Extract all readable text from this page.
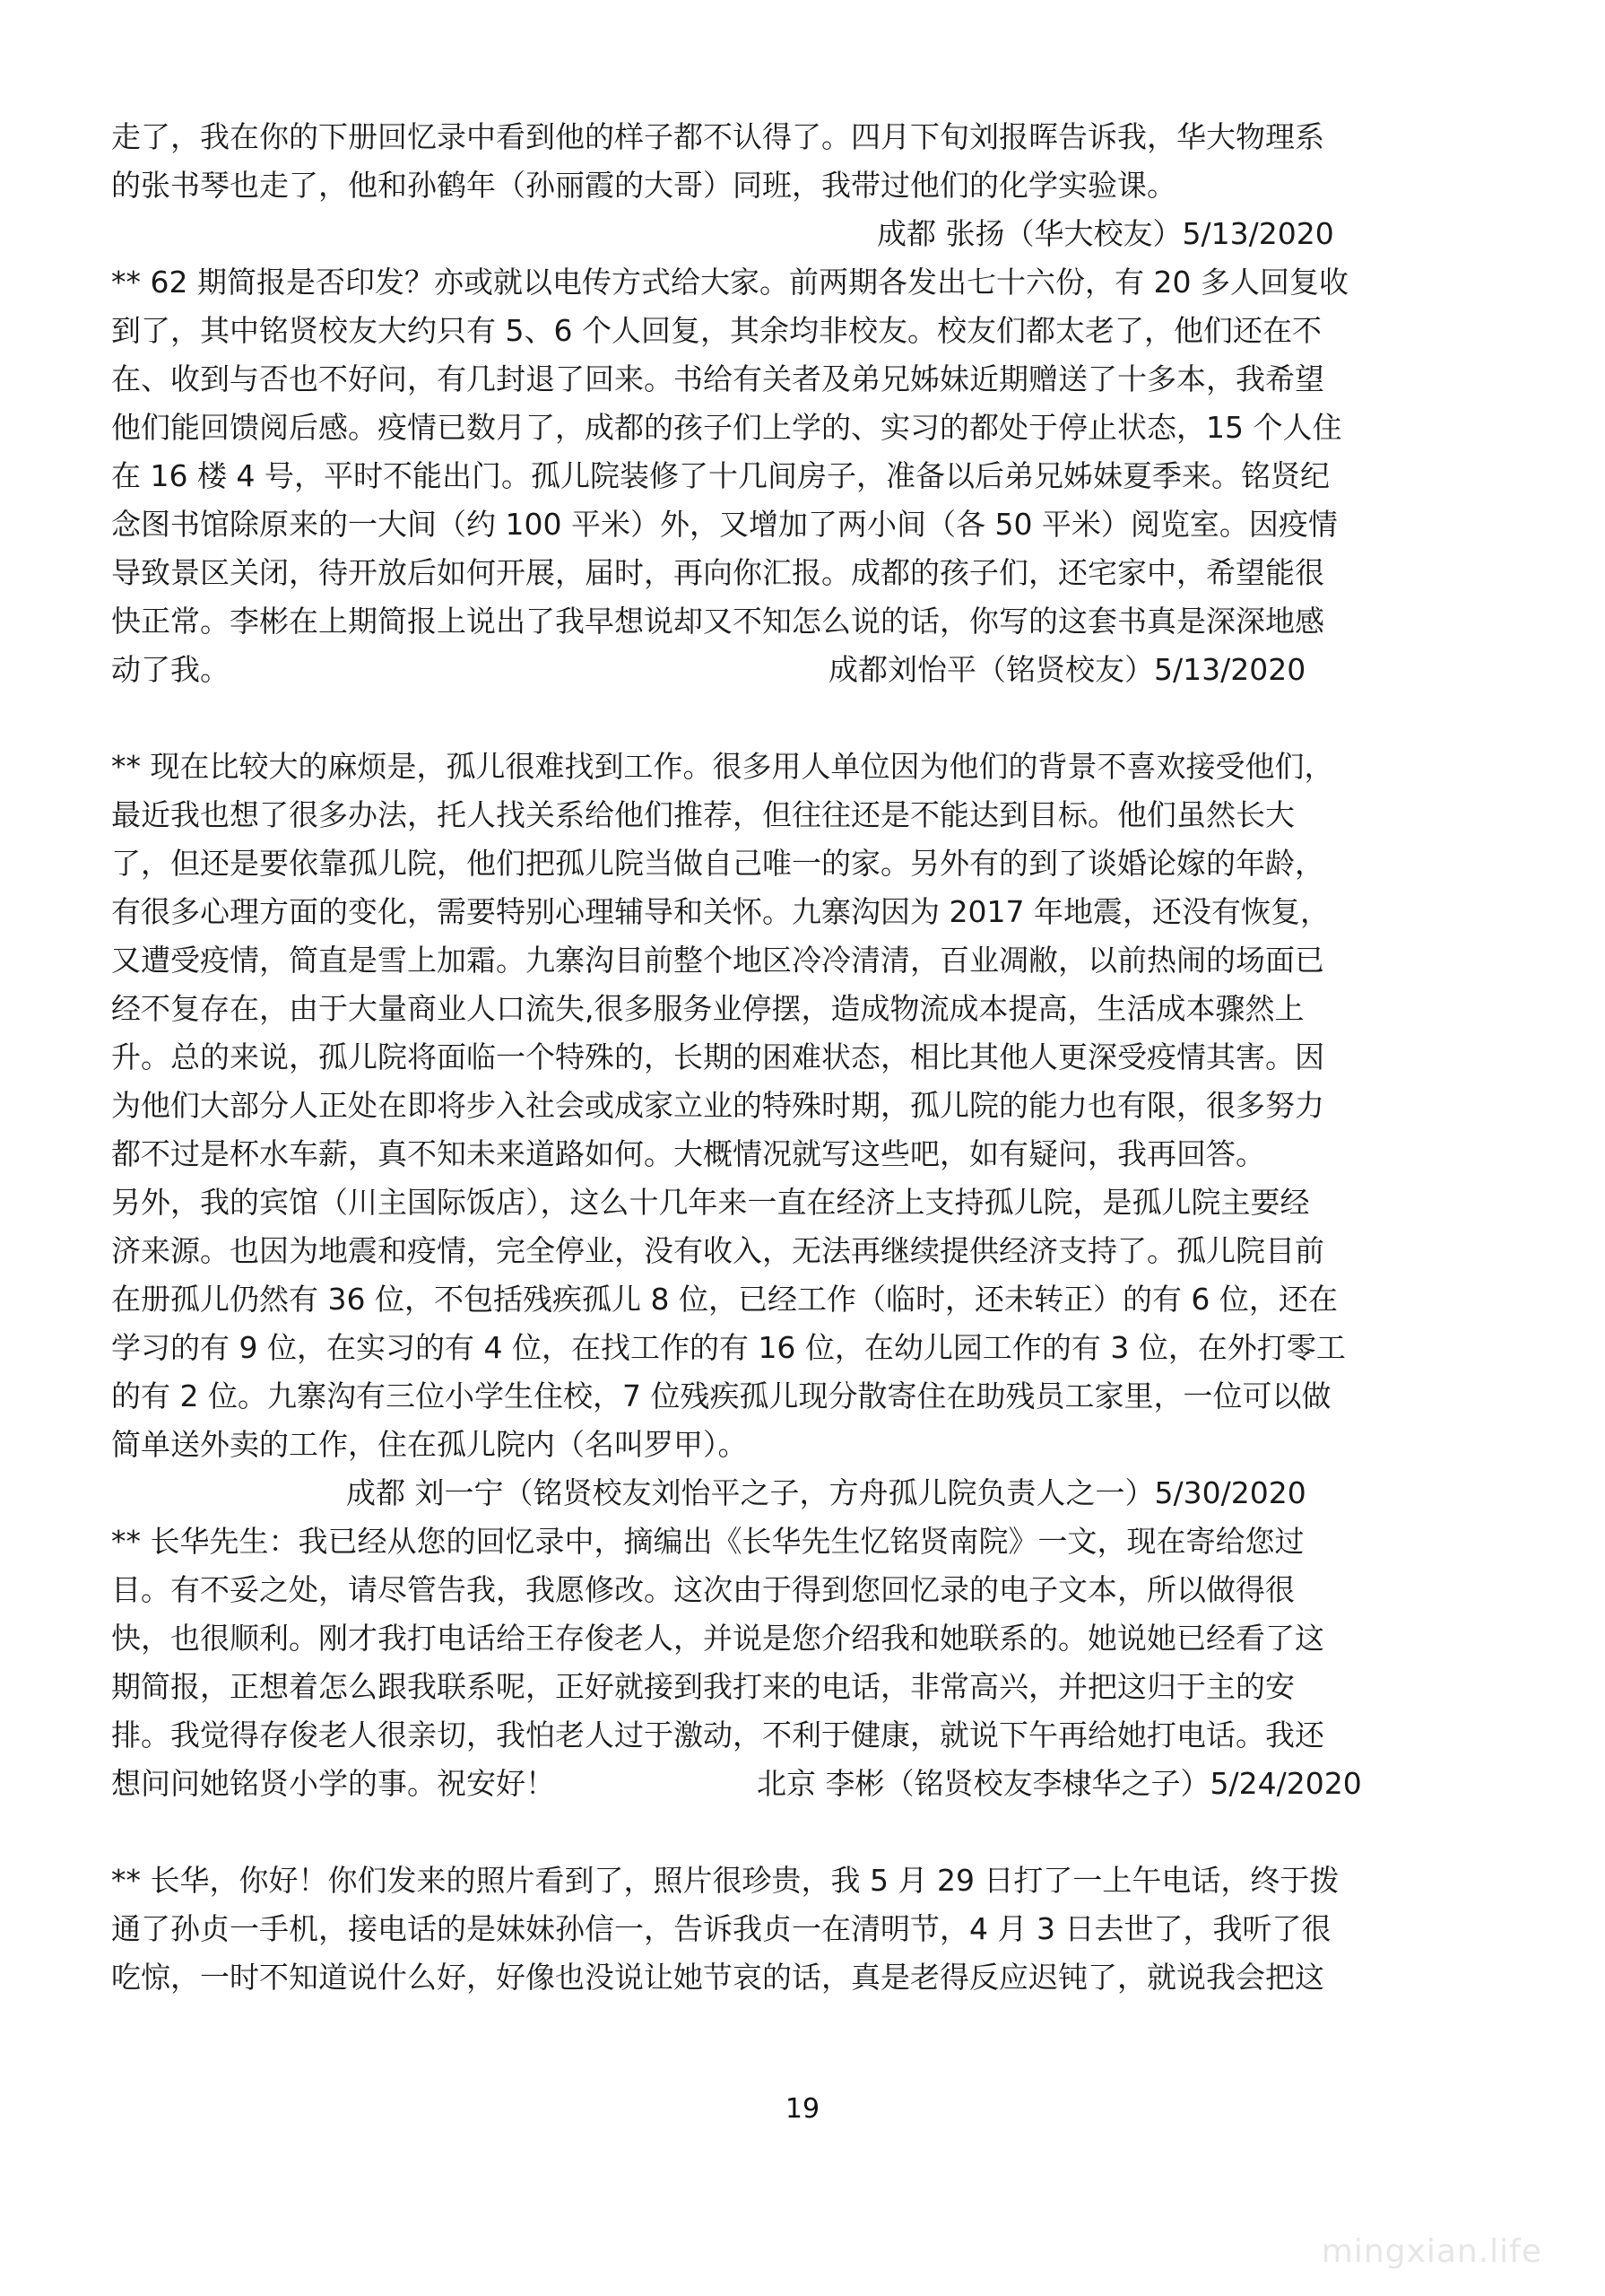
走了，我在你的下册回忆录中看到他的样子都不认得了。四月下旬刘报晖告诉我，华大物理系
的张书琴也走了，他和孙鹤年（孙丽霞的大哥）同班，我带过他们的化学实验课。
成都 张扬（华大校友）5/13/2020
** 62 期简报是否印发？亦或就以电传方式给大家。前两期各发出七十六份，有 20 多人回复收
到了，其中铭贤校友大约只有 5、6 个人回复，其余均非校友。校友们都太老了，他们还在不
在、收到与否也不好问，有几封退了回来。书给有关者及弟兄姊妹近期赠送了十多本，我希望
他们能回馈阅后感。疫情已数月了，成都的孩子们上学的、实习的都处于停止状态，15 个人住
在 16 楼 4 号，平时不能出门。孤儿院装修了十几间房子，准备以后弟兄姊妹夏季来。铭贤纪
念图书馆除原来的一大间（约 100 平米）外，又增加了两小间（各 50 平米）阅览室。因疫情
导致景区关闭，待开放后如何开展，届时，再向你汇报。成都的孩子们，还宅家中，希望能很
快正常。李彬在上期简报上说出了我早想说却又不知怎么说的话，你写的这套书真是深深地感
动了我。	成都刘怡平（铭贤校友）5/13/2020
** 现在比较大的麻烦是，孤儿很难找到工作。很多用人单位因为他们的背景不喜欢接受他们，
最近我也想了很多办法，托人找关系给他们推荐，但往往还是不能达到目标。他们虽然长大
了，但还是要依靠孤儿院，他们把孤儿院当做自己唯一的家。另外有的到了谈婚论嫁的年龄，
有很多心理方面的变化，需要特别心理辅导和关怀。九寨沟因为 2017 年地震，还没有恢复，
又遭受疫情，简直是雪上加霜。九寨沟目前整个地区冷冷清清，百业凋敝，以前热闹的场面已
经不复存在，由于大量商业人口流失,很多服务业停摆，造成物流成本提高，生活成本骤然上
升。总的来说，孤儿院将面临一个特殊的，长期的困难状态，相比其他人更深受疫情其害。因
为他们大部分人正处在即将步入社会或成家立业的特殊时期，孤儿院的能力也有限，很多努力
都不过是杯水车薪，真不知未来道路如何。大概情况就写这些吧，如有疑问，我再回答。
另外，我的宾馆（川主国际饭店），这么十几年来一直在经济上支持孤儿院，是孤儿院主要经
济来源。也因为地震和疫情，完全停业，没有收入，无法再继续提供经济支持了。孤儿院目前
在册孤儿仍然有 36 位，不包括残疾孤儿 8 位，已经工作（临时，还未转正）的有 6 位，还在
学习的有 9 位，在实习的有 4 位，在找工作的有 16 位，在幼儿园工作的有 3 位，在外打零工
的有 2 位。九寨沟有三位小学生住校，7 位残疾孤儿现分散寄住在助残员工家里，一位可以做
简单送外卖的工作，住在孤儿院内（名叫罗甲）。
成都 刘一宁（铭贤校友刘怡平之子，方舟孤儿院负责人之一）5/30/2020
** 长华先生：我已经从您的回忆录中，摘编出《长华先生忆铭贤南院》一文，现在寄给您过
目。有不妥之处，请尽管告我，我愿修改。这次由于得到您回忆录的电子文本，所以做得很
快，也很顺利。刚才我打电话给王存俊老人，并说是您介绍我和她联系的。她说她已经看了这
期简报，正想着怎么跟我联系呢，正好就接到我打来的电话，非常高兴，并把这归于主的安
排。我觉得存俊老人很亲切，我怕老人过于激动，不利于健康，就说下午再给她打电话。我还
想问问她铭贤小学的事。祝安好！	北京 李彬（铭贤校友李棣华之子）5/24/2020
** 长华，你好！你们发来的照片看到了，照片很珍贵，我 5 月 29 日打了一上午电话，终于拨
通了孙贞一手机，接电话的是妹妹孙信一，告诉我贞一在清明节，4 月 3 日去世了，我听了很
吃惊，一时不知道说什么好，好像也没说让她节哀的话，真是老得反应迟钝了，就说我会把这
19
mingxian.life
